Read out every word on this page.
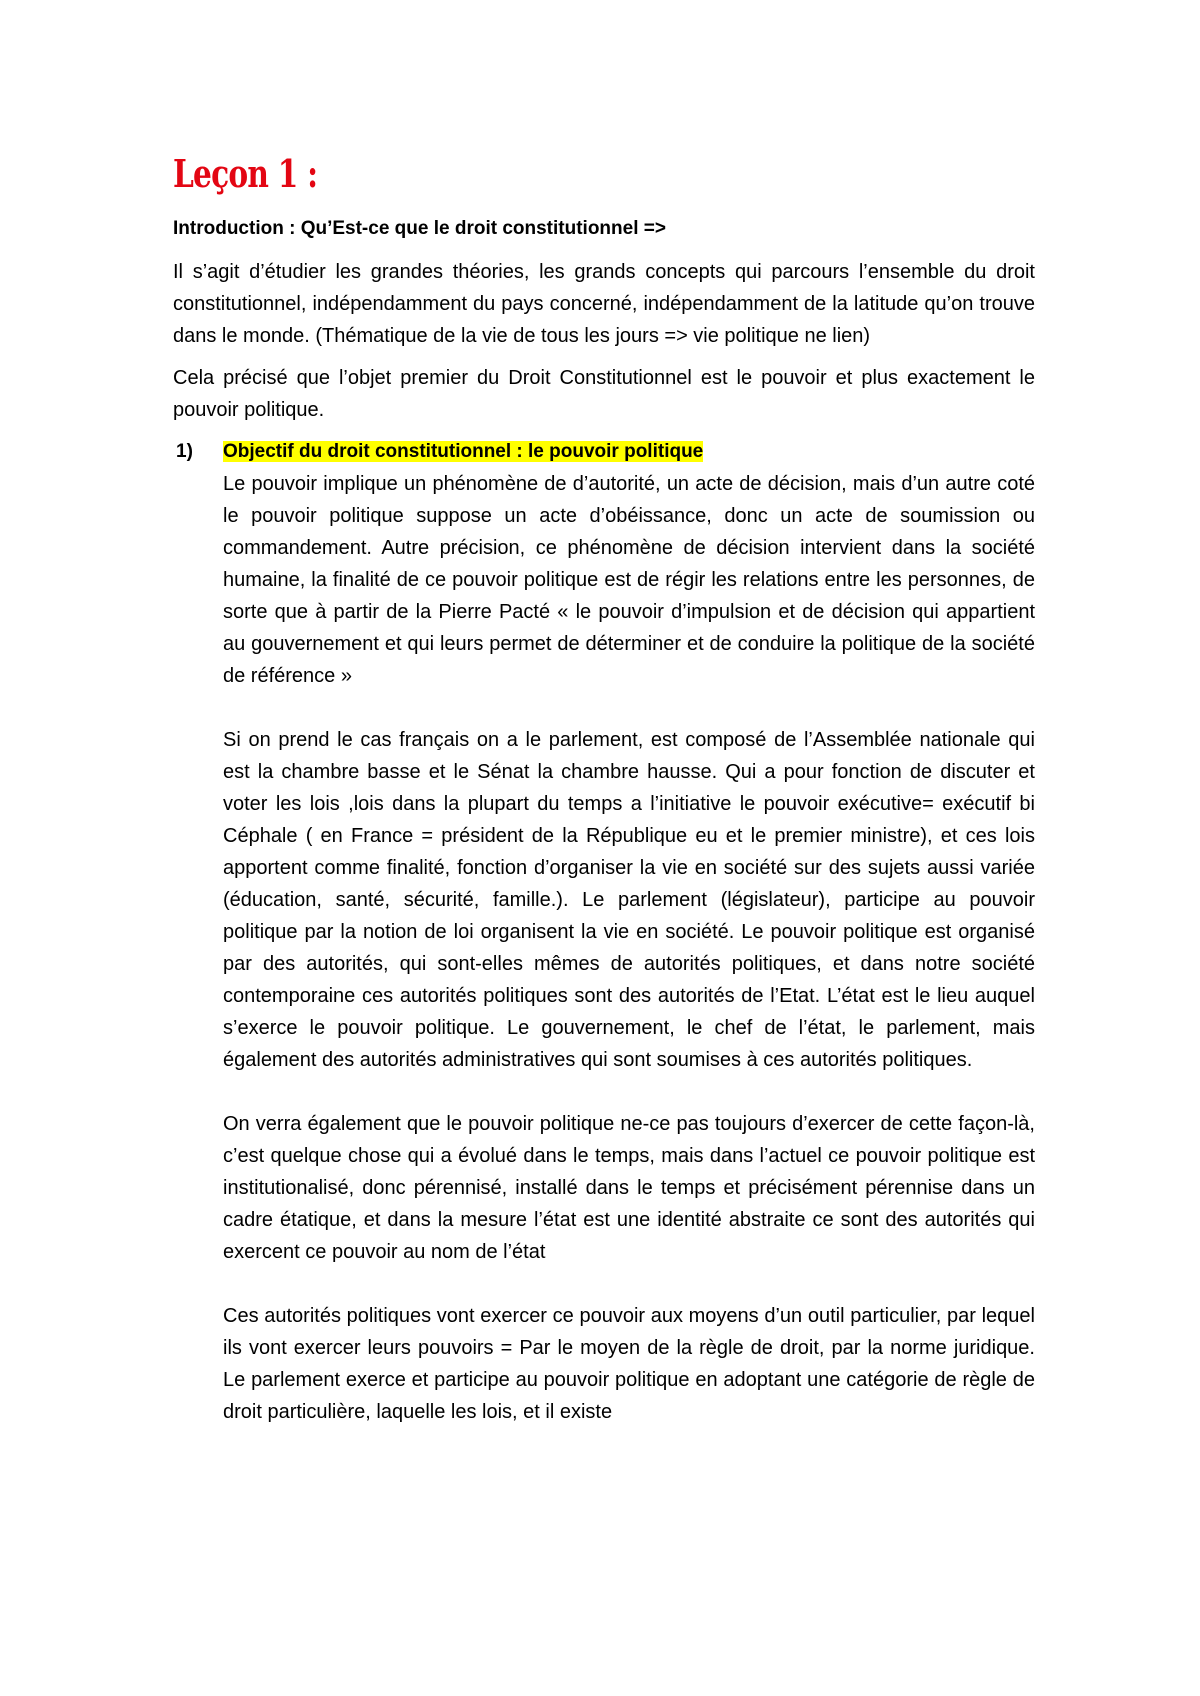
Leçon 1 :
Introduction : Qu’Est-ce que le droit constitutionnel =>

Il s’agit d’étudier les grandes théories, les grands concepts qui parcours l’ensemble du droit constitutionnel, indépendamment du pays concerné, indépendamment de la latitude qu’on trouve dans le monde. (Thématique de la vie de tous les jours => vie politique ne lien)

Cela précisé que l’objet premier du Droit Constitutionnel est le pouvoir et plus exactement le pouvoir politique.

1) Objectif du droit constitutionnel : le pouvoir politique

Le pouvoir implique un phénomène de d’autorité, un acte de décision, mais d’un autre coté le pouvoir politique suppose un acte d’obéissance, donc un acte de soumission ou commandement. Autre précision, ce phénomène de décision intervient dans la société humaine, la finalité de ce pouvoir politique est de régir les relations entre les personnes, de sorte que à partir de la Pierre Pacté « le pouvoir d’impulsion et de décision qui appartient au gouvernement et qui leurs permet de déterminer et de conduire la politique de la société de référence »

Si on prend le cas français on a le parlement, est composé de l’Assemblée nationale qui est la chambre basse et le Sénat la chambre hausse. Qui a pour fonction de discuter et voter les lois ,lois dans la plupart du temps a l’initiative le pouvoir exécutive= exécutif bi Céphale ( en France = président de la République eu et le premier ministre), et ces lois apportent comme finalité, fonction d’organiser la vie en société sur des sujets aussi variée (éducation, santé, sécurité, famille.). Le parlement (législateur), participe au pouvoir politique par la notion de loi organisent la vie en société. Le pouvoir politique est organisé par des autorités, qui sont-elles mêmes de autorités politiques, et dans notre société contemporaine ces autorités politiques sont des autorités de l’Etat. L’état est le lieu auquel s’exerce le pouvoir politique. Le gouvernement, le chef de l’état, le parlement, mais également des autorités administratives qui sont soumises à ces autorités politiques.

On verra également que le pouvoir politique ne-ce pas toujours d’exercer de cette façon-là, c’est quelque chose qui a évolué dans le temps, mais dans l’actuel ce pouvoir politique est institutionalisé, donc pérennisé, installé dans le temps et précisément pérennise dans un cadre étatique, et dans la mesure l’état est une identité abstraite ce sont des autorités qui exercent ce pouvoir au nom de l’état

Ces autorités politiques vont exercer ce pouvoir aux moyens d’un outil particulier, par lequel ils vont exercer leurs pouvoirs = Par le moyen de la règle de droit, par la norme juridique. Le parlement exerce et participe au pouvoir politique en adoptant une catégorie de règle de droit particulière, laquelle les lois, et il existe
